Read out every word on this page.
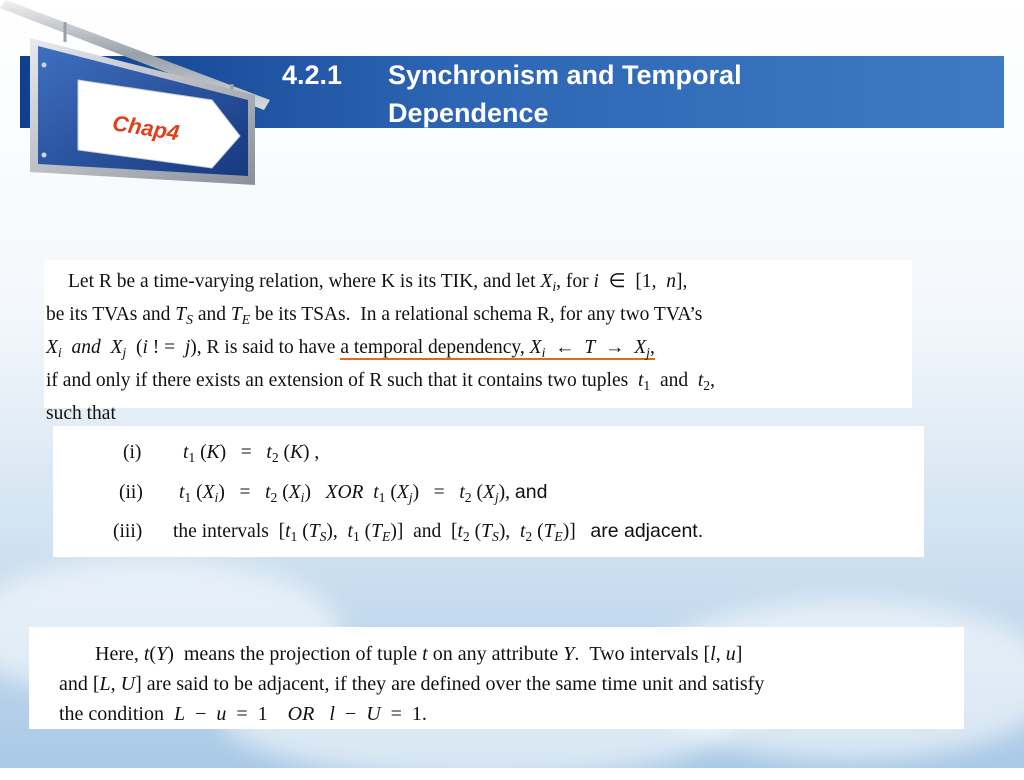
4.2.1 Synchronism and Temporal
Dependence
Chap4
Let R be a time-varying relation, where K is its TIK, and let $X_i$, for i  ∈  [1,  n],
be its TVAs and $T_S$ and $T_E$ be its TSAs.  In a relational schema R, for any two TVA’s
$X_i$ and $X_j$  (i ! =  j), R is said to have a temporal dependency, $X_i$  ←  $T \to X_j$,
if and only if there exists an extension of R such that it contains two tuples  $t_1$  and  $t_2$,
such that
(i) $t_1$ $(K) = t_2$ (K) ,
(ii) $t_1$ $(X_i) = t_2$ $(X_i)$   XOR $t_1$ $(X_j) = t_2$ $(X_j)$, and
(iii) the intervals  [$t_1$ $(T_S)$,  $t_1$ $(T_E)$]  and  [$t_2$ $(T_S)$,  $t_2$ $(T_E)$]   are adjacent.
Here, t(Y)  means the projection of tuple t on any attribute Y.  Two intervals [l, u]
and [L, U] are said to be adjacent, if they are defined over the same time unit and satisfy
the condition  L  −  u  =  1    OR l  −  U  =  1.
